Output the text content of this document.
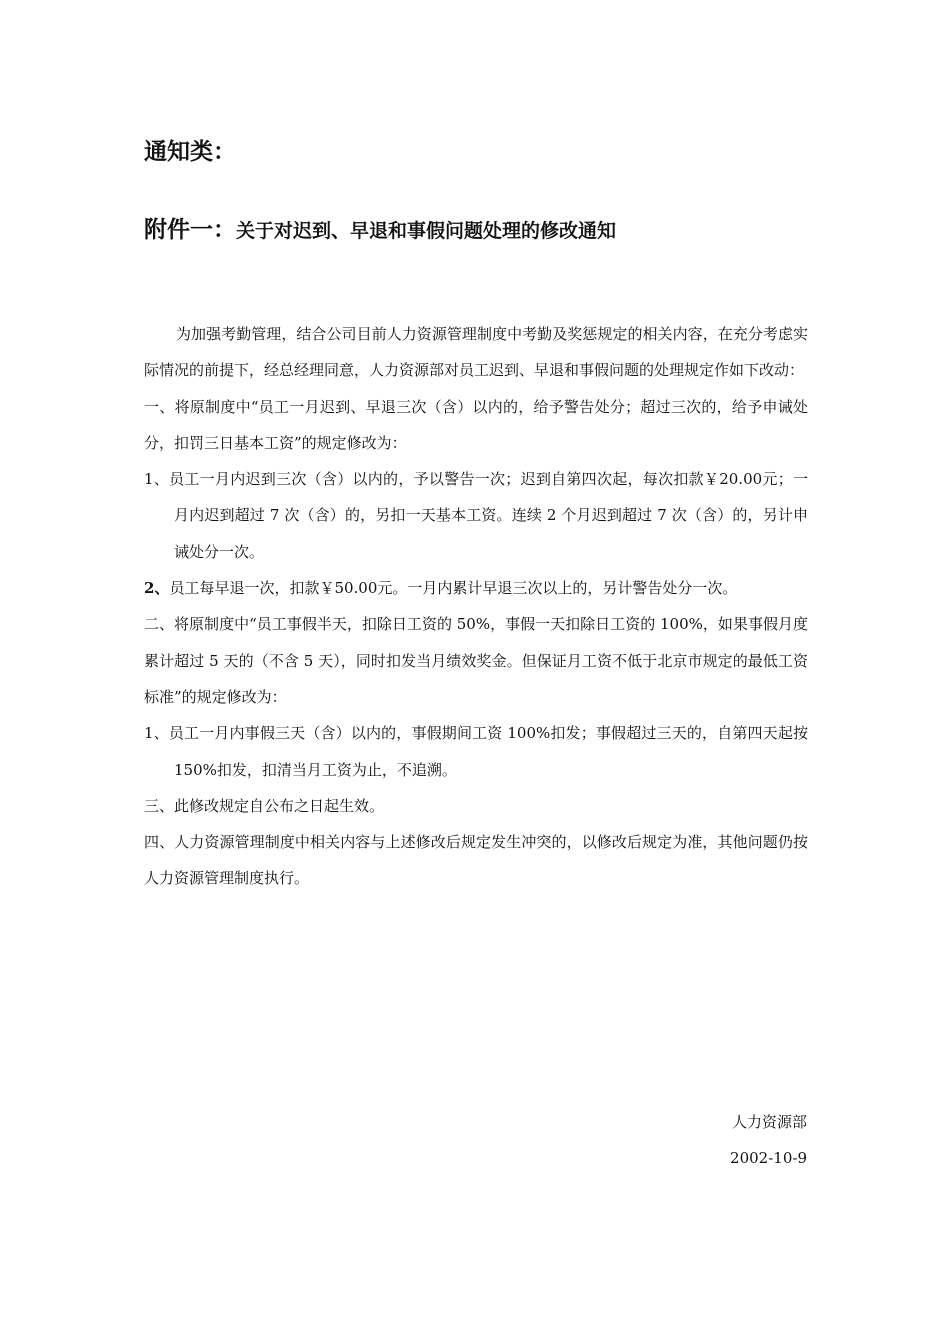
通知类：
附件一：关于对迟到、早退和事假问题处理的修改通知

为加强考勤管理，结合公司目前人力资源管理制度中考勤及奖惩规定的相关内容，在充分考虑实际情况的前提下，经总经理同意，人力资源部对员工迟到、早退和事假问题的处理规定作如下改动：

一、将原制度中“员工一月迟到、早退三次（含）以内的，给予警告处分；超过三次的，给予申诫处分，扣罚三日基本工资”的规定修改为：

1、员工一月内迟到三次（含）以内的，予以警告一次；迟到自第四次起，每次扣款￥20.00元；一月内迟到超过 7 次（含）的，另扣一天基本工资。连续 2 个月迟到超过 7 次（含）的，另计申诫处分一次。

2、员工每早退一次，扣款￥50.00元。一月内累计早退三次以上的，另计警告处分一次。

二、将原制度中“员工事假半天，扣除日工资的 50%，事假一天扣除日工资的 100%，如果事假月度累计超过 5 天的（不含 5 天），同时扣发当月绩效奖金。但保证月工资不低于北京市规定的最低工资标准”的规定修改为：

1、员工一月内事假三天（含）以内的，事假期间工资 100%扣发；事假超过三天的，自第四天起按 150%扣发，扣清当月工资为止，不追溯。

三、此修改规定自公布之日起生效。

四、人力资源管理制度中相关内容与上述修改后规定发生冲突的，以修改后规定为准，其他问题仍按人力资源管理制度执行。

人力资源部
2002-10-9
